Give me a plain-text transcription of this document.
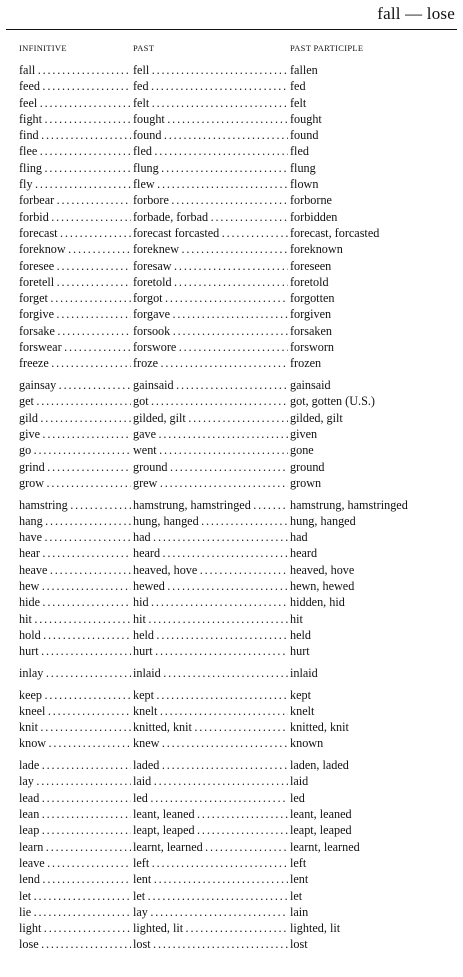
fall — lose
INFINITIVE	PAST	PAST PARTICIPLE
fall . . .	fell . . .	fallen
feed . . .	fed . . .	fed
feel . . .	felt . . .	felt
fight . . .	fought . . .	fought
find . . .	found . . .	found
flee . . .	fled . . .	fled
fling . . .	flung . . .	flung
fly . . .	flew . . .	flown
forbear . . .	forbore . . .	forborne
forbid . . .	forbade, forbad . . .	forbidden
forecast . . .	forecast forcasted . . .	forecast, forcasted
foreknow . . .	foreknew . . .	foreknown
foresee . . .	foresaw . . .	foreseen
foretell . . .	foretold . . .	foretold
forget . . .	forgot . . .	forgotten
forgive . . .	forgave . . .	forgiven
forsake . . .	forsook . . .	forsaken
forswear . . .	forswore . . .	forsworn
freeze . . .	froze . . .	frozen
gainsay . . .	gainsaid . . .	gainsaid
get . . .	got . . .	got, gotten (U.S.)
gild . . .	gilded, gilt . . .	gilded, gilt
give . . .	gave . . .	given
go . . .	went . . .	gone
grind . . .	ground . . .	ground
grow . . .	grew . . .	grown
hamstring . . .	hamstrung, hamstringed . . .	hamstrung, hamstringed
hang . . .	hung, hanged . . .	hung, hanged
have . . .	had . . .	had
hear . . .	heard . . .	heard
heave . . .	heaved, hove . . .	heaved, hove
hew . . .	hewed . . .	hewn, hewed
hide . . .	hid . . .	hidden, hid
hit . . .	hit . . .	hit
hold . . .	held . . .	held
hurt . . .	hurt . . .	hurt
inlay . . .	inlaid . . .	inlaid
keep . . .	kept . . .	kept
kneel . . .	knelt . . .	knelt
knit . . .	knitted, knit . . .	knitted, knit
know . . .	knew . . .	known
lade . . .	laded . . .	laden, laded
lay . . .	laid . . .	laid
lead . . .	led . . .	led
lean . . .	leant, leaned . . .	leant, leaned
leap . . .	leapt, leaped . . .	leapt, leaped
learn . . .	learnt, learned . . .	learnt, learned
leave . . .	left . . .	left
lend . . .	lent . . .	lent
let . . .	let . . .	let
lie . . .	lay . . .	lain
light . . .	lighted, lit . . .	lighted, lit
lose . . .	lost . . .	lost
